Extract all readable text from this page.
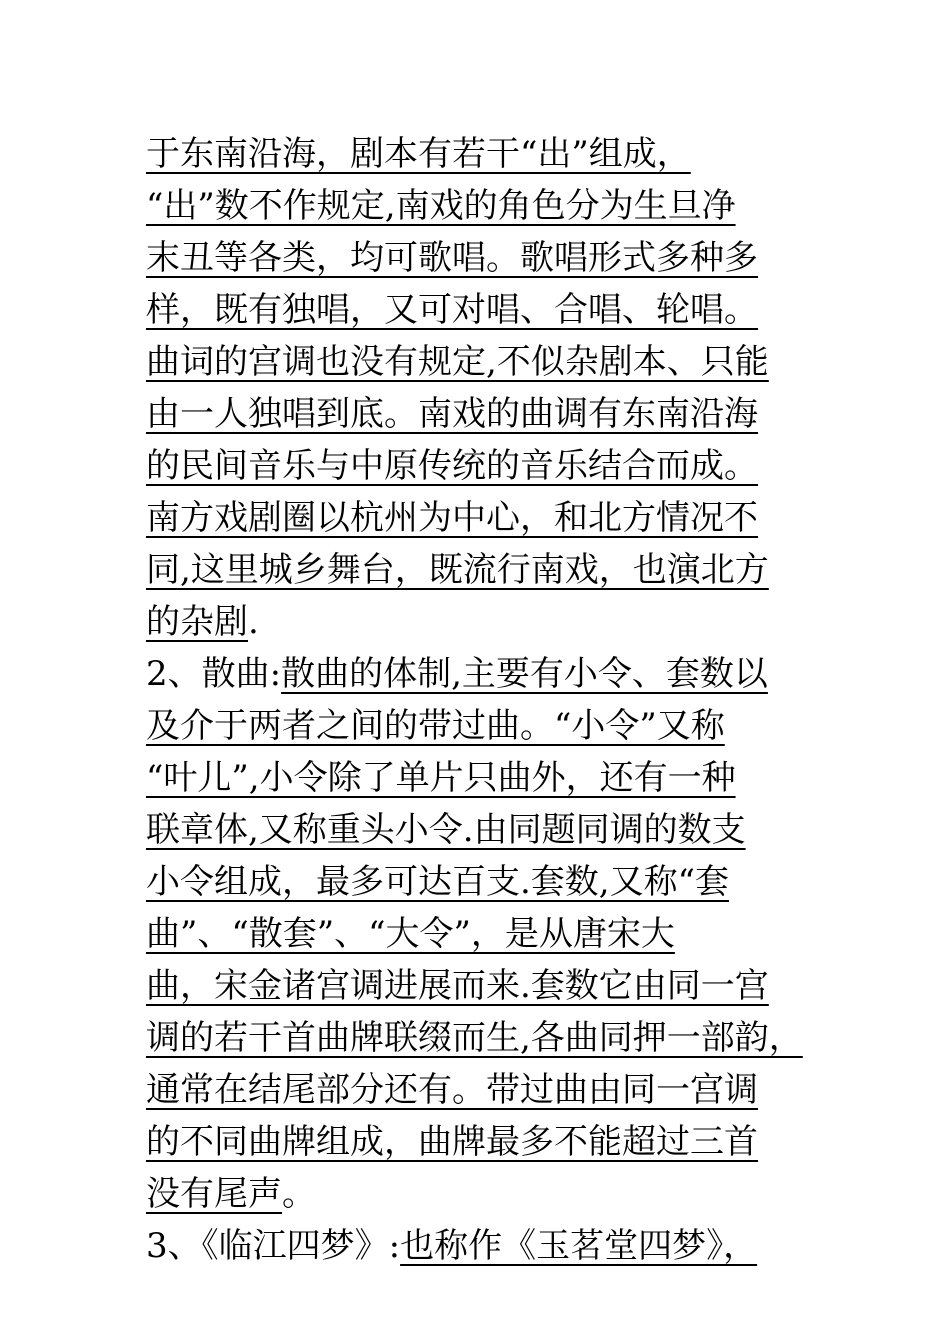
于东南沿海，剧本有若干“出”组成，
“出”数不作规定,南戏的角色分为生旦净
末丑等各类，均可歌唱。歌唱形式多种多
样，既有独唱，又可对唱、合唱、轮唱。
曲词的宫调也没有规定,不似杂剧本、只能
由一人独唱到底。南戏的曲调有东南沿海
的民间音乐与中原传统的音乐结合而成。
南方戏剧圈以杭州为中心，和北方情况不
同,这里城乡舞台，既流行南戏，也演北方
的杂剧.
2、散曲:散曲的体制,主要有小令、套数以
及介于两者之间的带过曲。“小令”又称
“叶儿”,小令除了单片只曲外，还有一种
联章体,又称重头小令.由同题同调的数支
小令组成，最多可达百支.套数,又称“套
曲”、“散套”、“大令”，是从唐宋大
曲，宋金诸宫调进展而来.套数它由同一宫
调的若干首曲牌联缀而生,各曲同押一部韵，
通常在结尾部分还有。带过曲由同一宫调
的不同曲牌组成，曲牌最多不能超过三首
没有尾声。
3、《临江四梦》:也称作《玉茗堂四梦》，
